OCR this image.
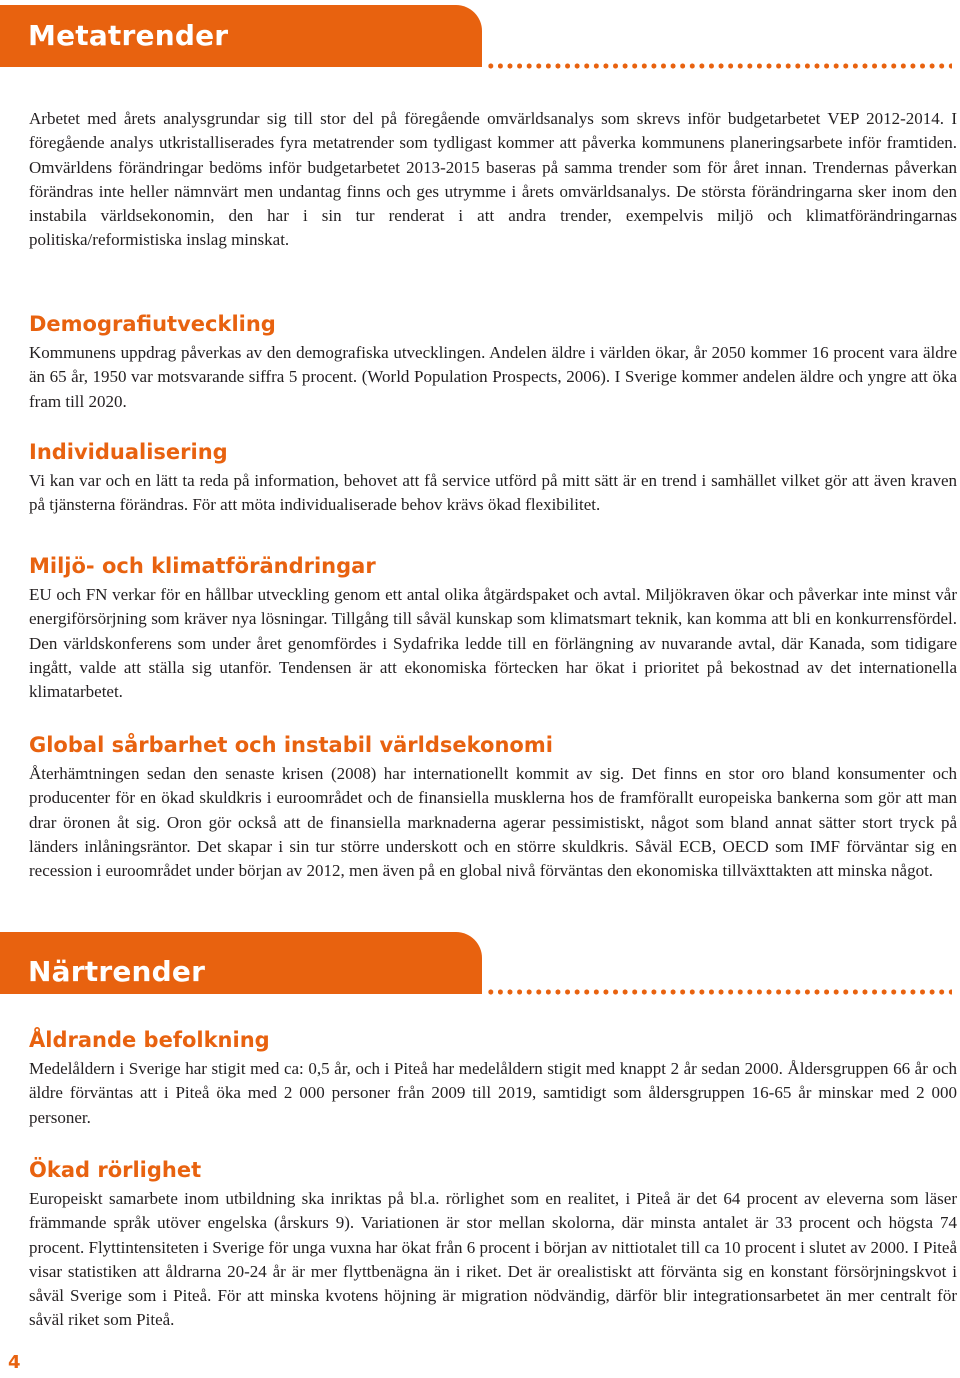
Metatrender

Arbetet med årets analysgrundar sig till stor del på föregående omvärldsanalys som skrevs inför budgetarbetet VEP 2012-2014. I föregående analys utkristalliserades fyra metatrender som tydligast kommer att påverka kommunens planeringsarbete inför framtiden. Omvärldens förändringar bedöms inför budgetarbetet 2013-2015 baseras på samma trender som för året innan. Trendernas påverkan förändras inte heller nämnvärt men undantag finns och ges utrymme i årets omvärldsanalys. De största förändringarna sker inom den instabila världsekonomin, den har i sin tur renderat i att andra trender, exempelvis miljö och klimatförändringarnas politiska/reformistiska inslag minskat.

Demografiutveckling

Kommunens uppdrag påverkas av den demografiska utvecklingen. Andelen äldre i världen ökar, år 2050 kommer 16 procent vara äldre än 65 år, 1950 var motsvarande siffra 5 procent. (World Population Prospects, 2006). I Sverige kommer andelen äldre och yngre att öka fram till 2020.

Individualisering

Vi kan var och en lätt ta reda på information, behovet att få service utförd på mitt sätt är en trend i samhället vilket gör att även kraven på tjänsterna förändras. För att möta individualiserade behov krävs ökad flexibilitet.

Miljö- och klimatförändringar

EU och FN verkar för en hållbar utveckling genom ett antal olika åtgärdspaket och avtal. Miljökraven ökar och påverkar inte minst vår energiförsörjning som kräver nya lösningar. Tillgång till såväl kunskap som klimatsmart teknik, kan komma att bli en konkurrensfördel. Den världskonferens som under året genomfördes i Sydafrika ledde till en förlängning av nuvarande avtal, där Kanada, som tidigare ingått, valde att ställa sig utanför. Tendensen är att ekonomiska förtecken har ökat i prioritet på bekostnad av det internationella klimatarbetet.

Global sårbarhet och instabil världsekonomi

Återhämtningen sedan den senaste krisen (2008) har internationellt kommit av sig. Det finns en stor oro bland konsumenter och producenter för en ökad skuldkris i euroområdet och de finansiella musklerna hos de framförallt europeiska bankerna som gör att man drar öronen åt sig. Oron gör också att de finansiella marknaderna agerar pessimistiskt, något som bland annat sätter stort tryck på länders inlåningsräntor. Det skapar i sin tur större underskott och en större skuldkris. Såväl ECB, OECD som IMF förväntar sig en recession i euroområdet under början av 2012, men även på en global nivå förväntas den ekonomiska tillväxttakten att minska något.

Närtrender
Åldrande befolkning

Medelåldern i Sverige har stigit med ca: 0,5 år, och i Piteå har medelåldern stigit med knappt 2 år sedan 2000. Åldersgruppen 66 år och äldre förväntas att i Piteå öka med 2 000 personer från 2009 till 2019, samtidigt som åldersgruppen 16-65 år minskar med 2 000 personer.

Ökad rörlighet

Europeiskt samarbete inom utbildning ska inriktas på bl.a. rörlighet som en realitet, i Piteå är det 64 procent av eleverna som läser främmande språk utöver engelska (årskurs 9). Variationen är stor mellan skolorna, där minsta antalet är 33 procent och högsta 74 procent. Flyttintensiteten i Sverige för unga vuxna har ökat från 6 procent i början av nittiotalet till ca 10 procent i slutet av 2000. I Piteå visar statistiken att åldrarna 20-24 år är mer flyttbenägna än i riket. Det är orealistiskt att förvänta sig en konstant försörjningskvot i såväl Sverige som i Piteå. För att minska kvotens höjning är migration nödvändig, därför blir integrationsarbetet än mer centralt för såväl riket som Piteå.

4
